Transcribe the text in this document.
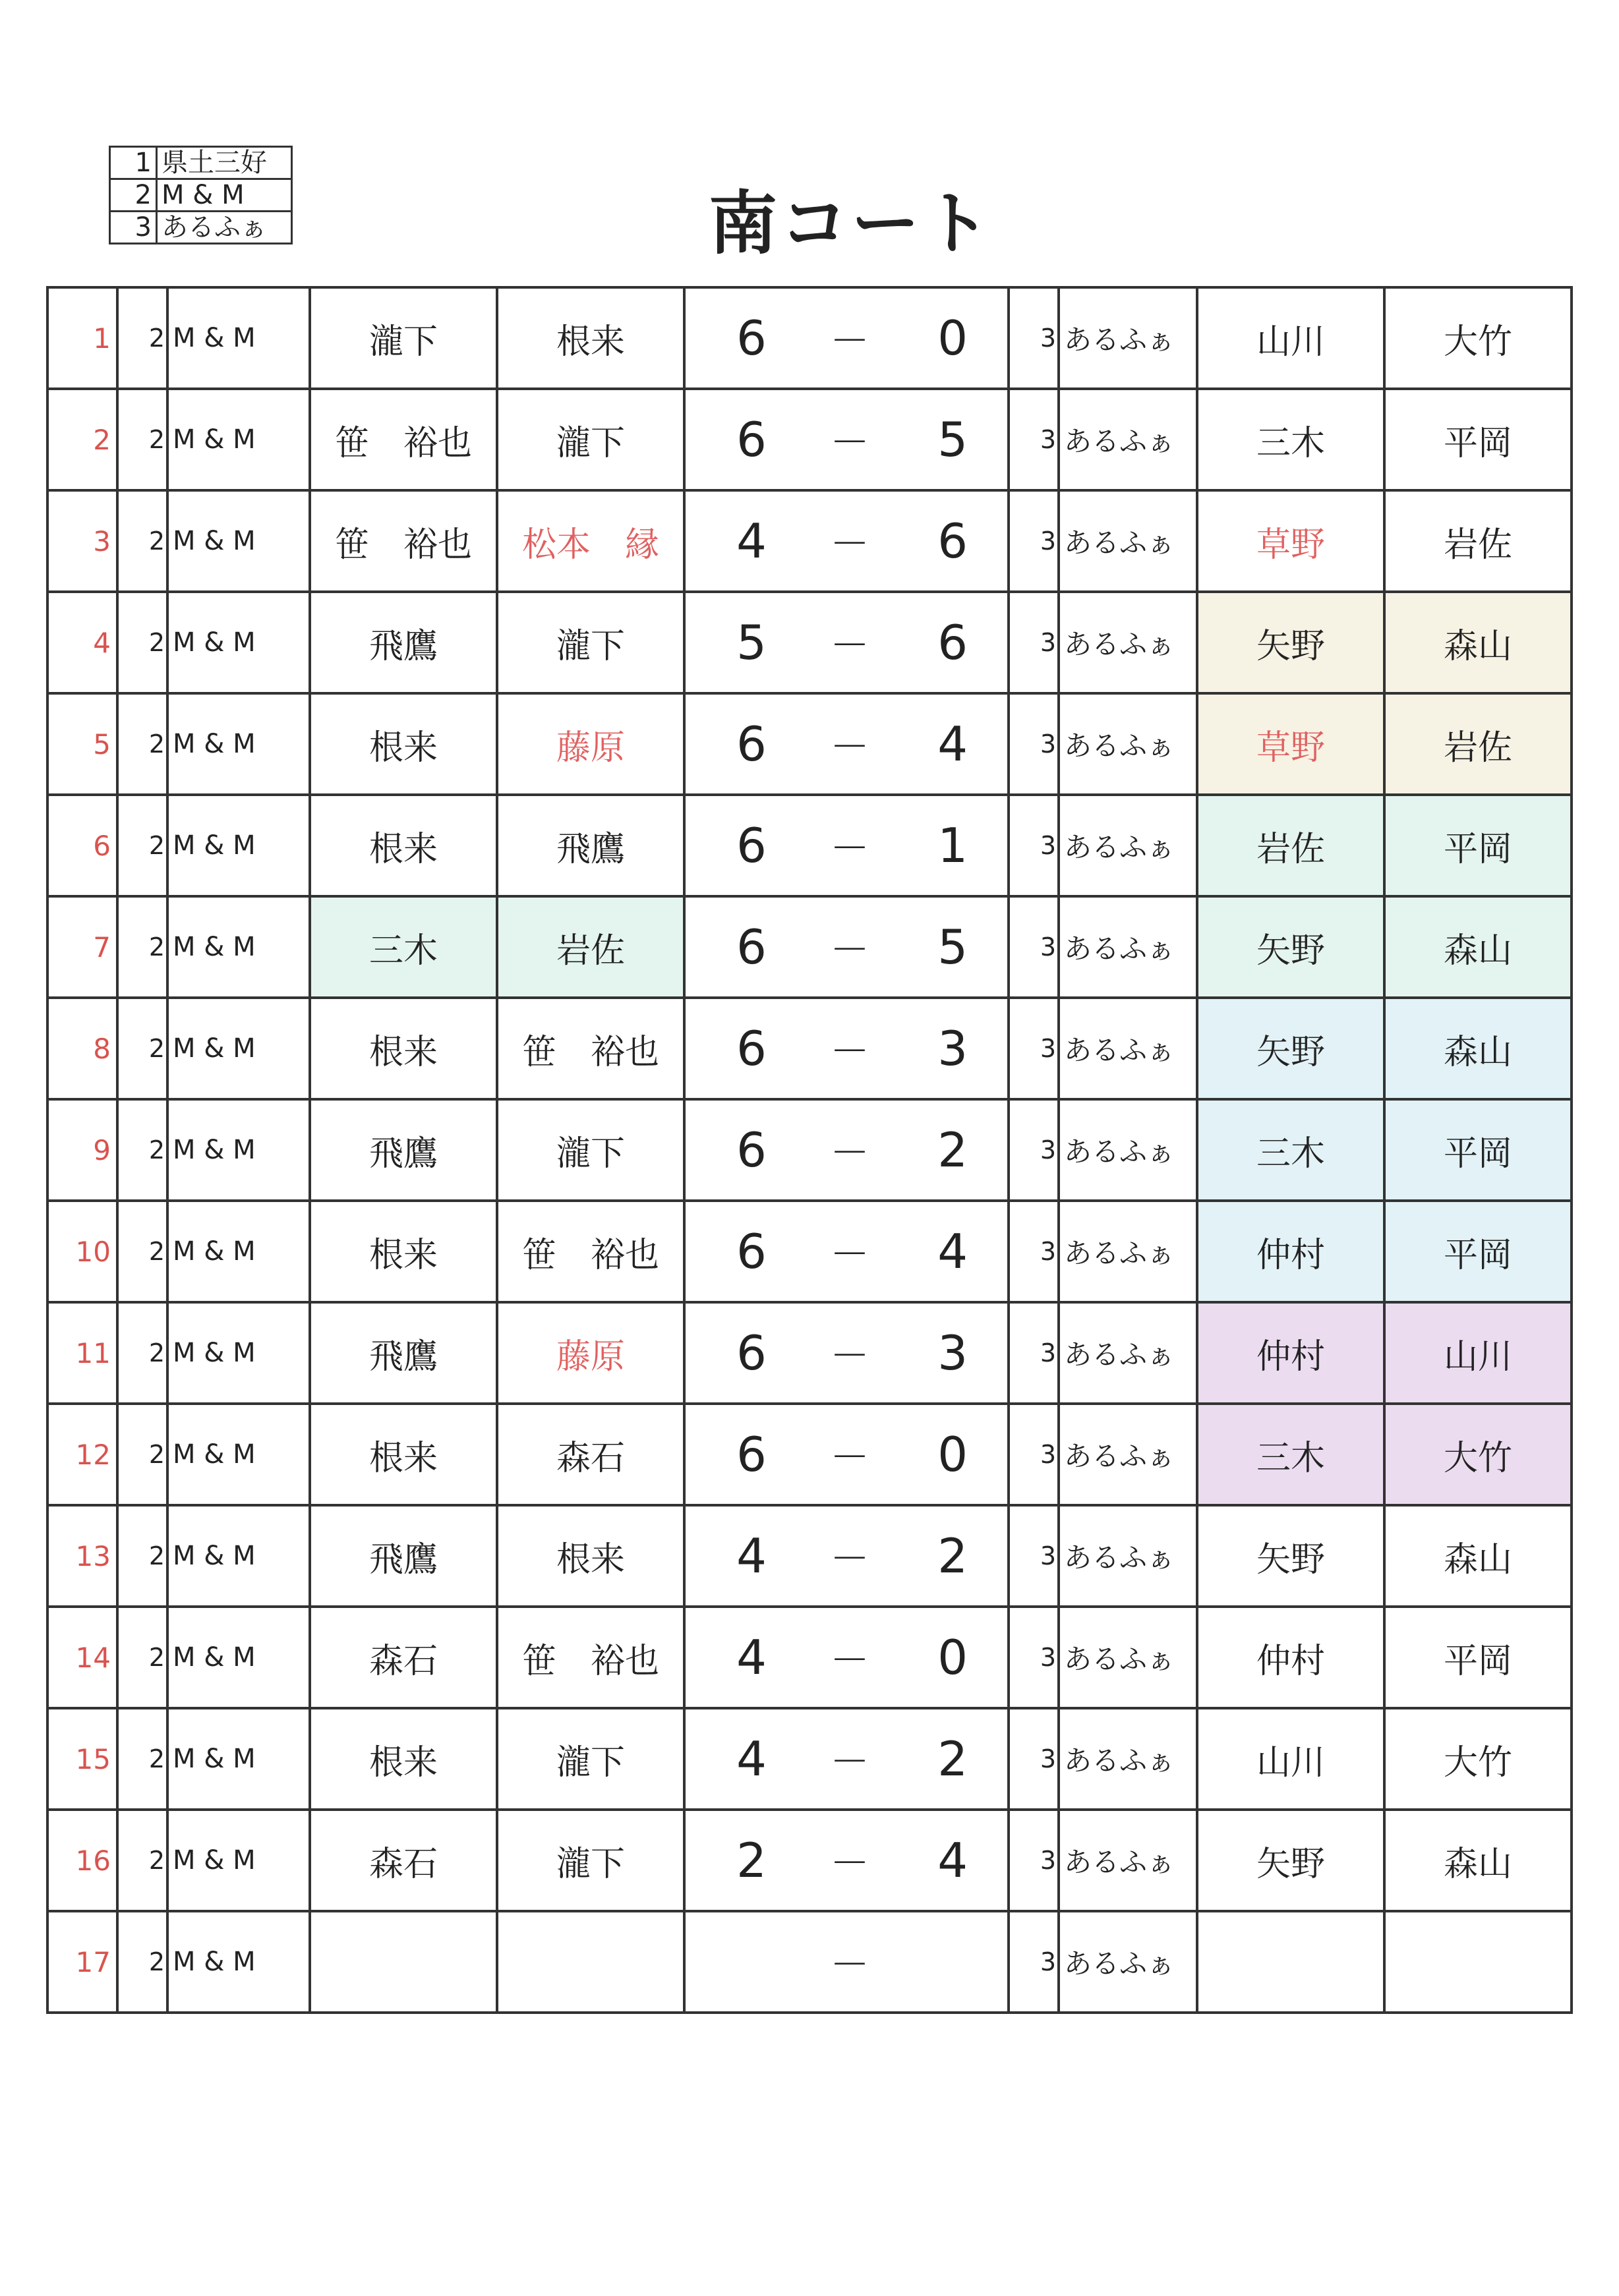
1	県土三好
2	M & M
3	あるふぁ	南コート
1	2	M & M	瀧下	根来	6 － 0	3	あるふぁ	山川	大竹
2	2	M & M	笹　裕也	瀧下	6 － 5	3	あるふぁ	三木	平岡
3	2	M & M	笹　裕也	松本　縁	4 － 6	3	あるふぁ	草野	岩佐
4	2	M & M	飛鷹	瀧下	5 － 6	3	あるふぁ	矢野	森山
5	2	M & M	根来	藤原	6 － 4	3	あるふぁ	草野	岩佐
6	2	M & M	根来	飛鷹	6 － 1	3	あるふぁ	岩佐	平岡
7	2	M & M	三木	岩佐	6 － 5	3	あるふぁ	矢野	森山
8	2	M & M	根来	笹　裕也	6 － 3	3	あるふぁ	矢野	森山
9	2	M & M	飛鷹	瀧下	6 － 2	3	あるふぁ	三木	平岡
10	2	M & M	根来	笹　裕也	6 － 4	3	あるふぁ	仲村	平岡
11	2	M & M	飛鷹	藤原	6 － 3	3	あるふぁ	仲村	山川
12	2	M & M	根来	森石	6 － 0	3	あるふぁ	三木	大竹
13	2	M & M	飛鷹	根来	4 － 2	3	あるふぁ	矢野	森山
14	2	M & M	森石	笹　裕也	4 － 0	3	あるふぁ	仲村	平岡
15	2	M & M	根来	瀧下	4 － 2	3	あるふぁ	山川	大竹
16	2	M & M	森石	瀧下	2 － 4	3	あるふぁ	矢野	森山
17	2	M & M			－	3	あるふぁ		
